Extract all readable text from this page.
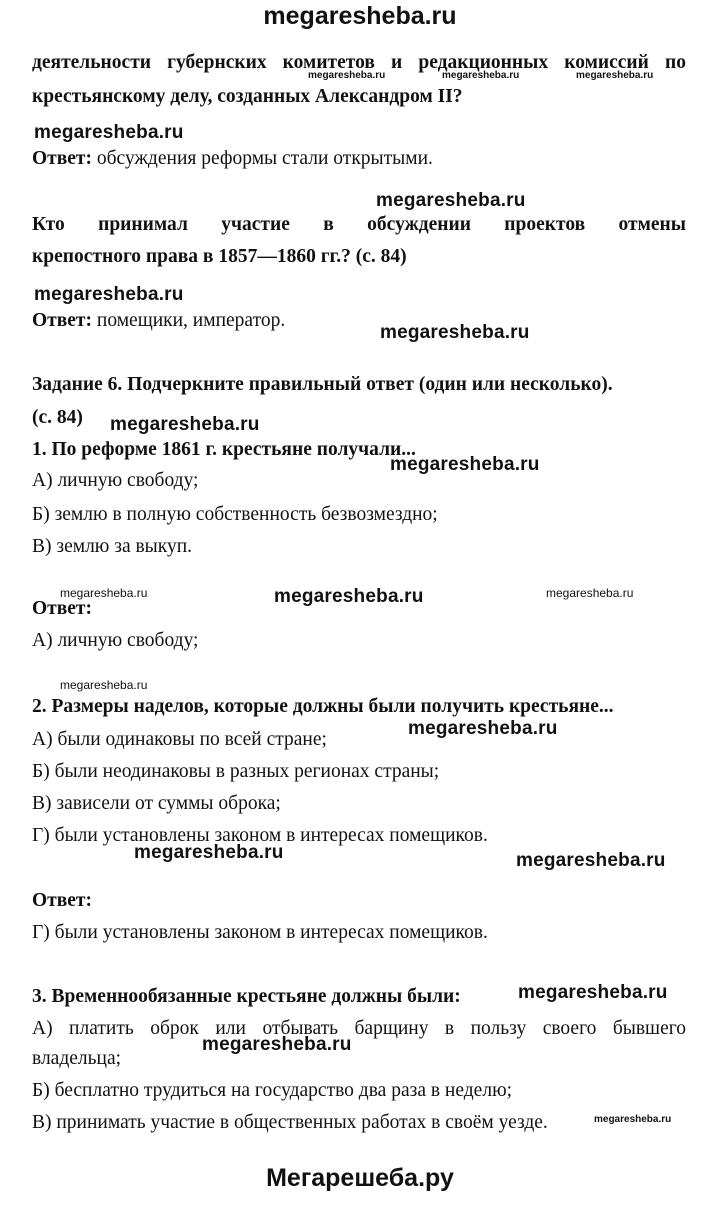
megaresheba.ru
деятельности губернских комитетов и редакционных комиссий по
megaresheba.ru	megaresheba.ru	megaresheba.ru
крестьянскому делу, созданных Александром II?
megaresheba.ru
Ответ: обсуждения реформы стали открытыми.
megaresheba.ru
Кто принимал участие в обсуждении проектов отмены
крепостного права в 1857—1860 гг.? (с. 84)
megaresheba.ru
Ответ: помещики, император.
megaresheba.ru
Задание 6. Подчеркните правильный ответ (один или несколько).
(с. 84) megaresheba.ru
1. По реформе 1861 г. крестьяне получали...
megaresheba.ru
А) личную свободу;
Б) землю в полную собственность безвозмездно;
В) землю за выкуп.
megaresheba.ru	megaresheba.ru	megaresheba.ru
Ответ:
А) личную свободу;
megaresheba.ru
2. Размеры наделов, которые должны были получить крестьяне...
megaresheba.ru
А) были одинаковы по всей стране;
Б) были неодинаковы в разных регионах страны;
В) зависели от суммы оброка;
Г) были установлены законом в интересах помещиков.
megaresheba.ru	megaresheba.ru
Ответ:
Г) были установлены законом в интересах помещиков.
3. Временнообязанные крестьяне должны были:	megaresheba.ru
А) платить оброк или отбывать барщину в пользу своего бывшего
megaresheba.ru
владельца;
Б) бесплатно трудиться на государство два раза в неделю;
В) принимать участие в общественных работах в своём уезде.	megaresheba.ru
Мегарешеба.ру
